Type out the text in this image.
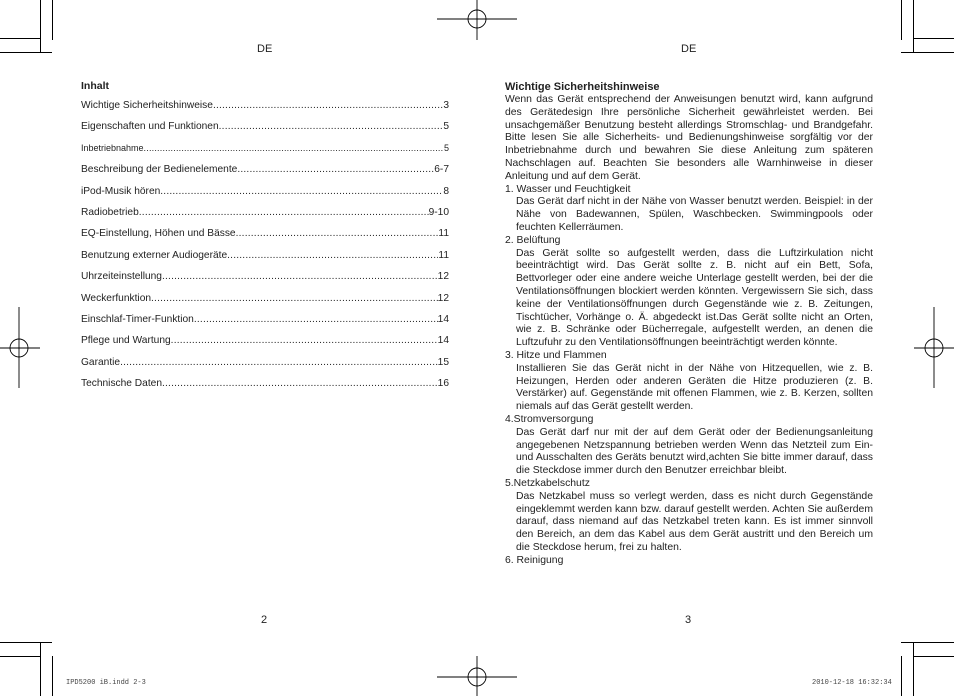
DE	DE
Inhalt
Wichtige Sicherheitshinweise .....	3
Eigenschaften und Funktionen .....	5
Inbetriebnahme .....	5
Beschreibung der Bedienelemente .....	6-7
iPod-Musik hören .....	8
Radiobetrieb .....	9-10
EQ-Einstellung, Höhen und Bässe .....	11
Benutzung externer Audiogeräte .....	11
Uhrzeiteinstellung .....	12
Weckerfunktion .....	12
Einschlaf-Timer-Funktion .....	14
Pflege und Wartung .....	14
Garantie .....	15
Technische Daten .....	16
2
Wichtige Sicherheitshinweise

Wenn das Gerät entsprechend der Anweisungen benutzt wird, kann aufgrund des Gerätedesign Ihre persönliche Sicherheit gewährleistet werden. Bei unsachgemäßer Benutzung besteht allerdings Stromschlag- und Brandgefahr. Bitte lesen Sie alle Sicherheits- und Bedienungshinweise sorgfältig vor der Inbetriebnahme durch und bewahren Sie diese Anleitung zum späteren Nachschlagen auf. Beachten Sie besonders alle Warnhinweise in dieser Anleitung und auf dem Gerät.

1. Wasser und Feuchtigkeit

Das Gerät darf nicht in der Nähe von Wasser benutzt werden. Beispiel: in der Nähe von Badewannen, Spülen, Waschbecken. Swimmingpools oder feuchten Kellerräumen.

2. Belüftung

Das Gerät sollte so aufgestellt werden, dass die Luftzirkulation nicht beeinträchtigt wird. Das Gerät sollte z. B. nicht auf ein Bett, Sofa, Bettvorleger oder eine andere weiche Unterlage gestellt werden, bei der die Ventilationsöffnungen blockiert werden könnten. Vergewissern Sie sich, dass keine der Ventilationsöffnungen durch Gegenstände wie z. B. Zeitungen, Tischtücher, Vorhänge o. Ä. abgedeckt ist.Das Gerät sollte nicht an Orten, wie z. B. Schränke oder Bücherregale, aufgestellt werden, an denen die Luftzufuhr zu den Ventilationsöffnungen beeinträchtigt werden könnte.

3. Hitze und Flammen

Installieren Sie das Gerät nicht in der Nähe von Hitzequellen, wie z. B. Heizungen, Herden oder anderen Geräten die Hitze produzieren (z. B. Verstärker) auf. Gegenstände mit offenen Flammen, wie z. B. Kerzen, sollten niemals auf das Gerät gestellt werden.

4.Stromversorgung

Das Gerät darf nur mit der auf dem Gerät oder der Bedienungsanleitung angegebenen Netzspannung betrieben werden Wenn das Netzteil zum Ein- und Ausschalten des Geräts benutzt wird,achten Sie bitte immer darauf, dass die Steckdose immer durch den Benutzer erreichbar bleibt.

5.Netzkabelschutz

Das Netzkabel muss so verlegt werden, dass es nicht durch Gegenstände eingeklemmt werden kann bzw. darauf gestellt werden. Achten Sie außerdem darauf, dass niemand auf das Netzkabel treten kann. Es ist immer sinnvoll den Bereich, an dem das Kabel aus dem Gerät austritt und den Bereich um die Steckdose herum, frei zu halten.

6. Reinigung
3
IPD5200 iB.indd 2-3	2010-12-18 16:32:34
